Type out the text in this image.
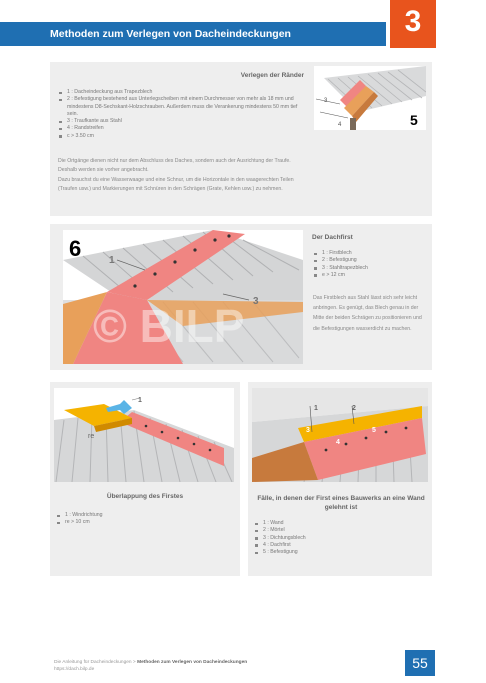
Methoden zum Verlegen von Dacheindeckungen	3
Verlegen der Ränder
1 : Dacheindeckung aus Trapezblech
2 : Befestigung bestehend aus Unterlegscheiben mit einem Durchmesser von mehr als 18 mm und mindestens D8-Sechskant-Holzschrauben. Außerdem muss die Verankerung mindestens 50 mm tief sein.
3 : Traufkante aus Stahl
4 : Randstreifen
c > 3.50 cm

Die Ortgänge dienen nicht nur dem Abschluss des Daches, sondern auch der Ausrichtung der Traufe. Deshalb werden sie vorher angebracht.

Dazu brauchst du eine Wasserwaage und eine Schnur, um die Horizontale in den waagerechten Teilen (Traufen usw.) und Markierungen mit Schnüren in den Schrägen (Grate, Kehlen usw.) zu nehmen.

3
4	5
1
3
6
© BILP
Der Dachfirst
1 : Firstblech
2 : Befestigung
3 : Stahltrapezblech
e > 12 cm

Das Firstblech aus Stahl lässt sich sehr leicht anbringen. Es genügt, das Blech genau in der Mitte der beiden Schrägen zu positionieren und die Befestigungen wasserdicht zu machen.

1
re
Überlappung des Firstes
1 : Windrichtung
re > 10 cm
1	2
3
4
5
Fälle, in denen der First eines Bauwerks an eine Wand gelehnt ist
1 : Wand
2 : Mörtel
3 : Dichtungsblech
4 : Dachfirst
5 : Befestigung
Die Anleitung für Dacheindeckungen > Methoden zum Verlegen von Dacheindeckungen
https://dach.bilp.de	55
